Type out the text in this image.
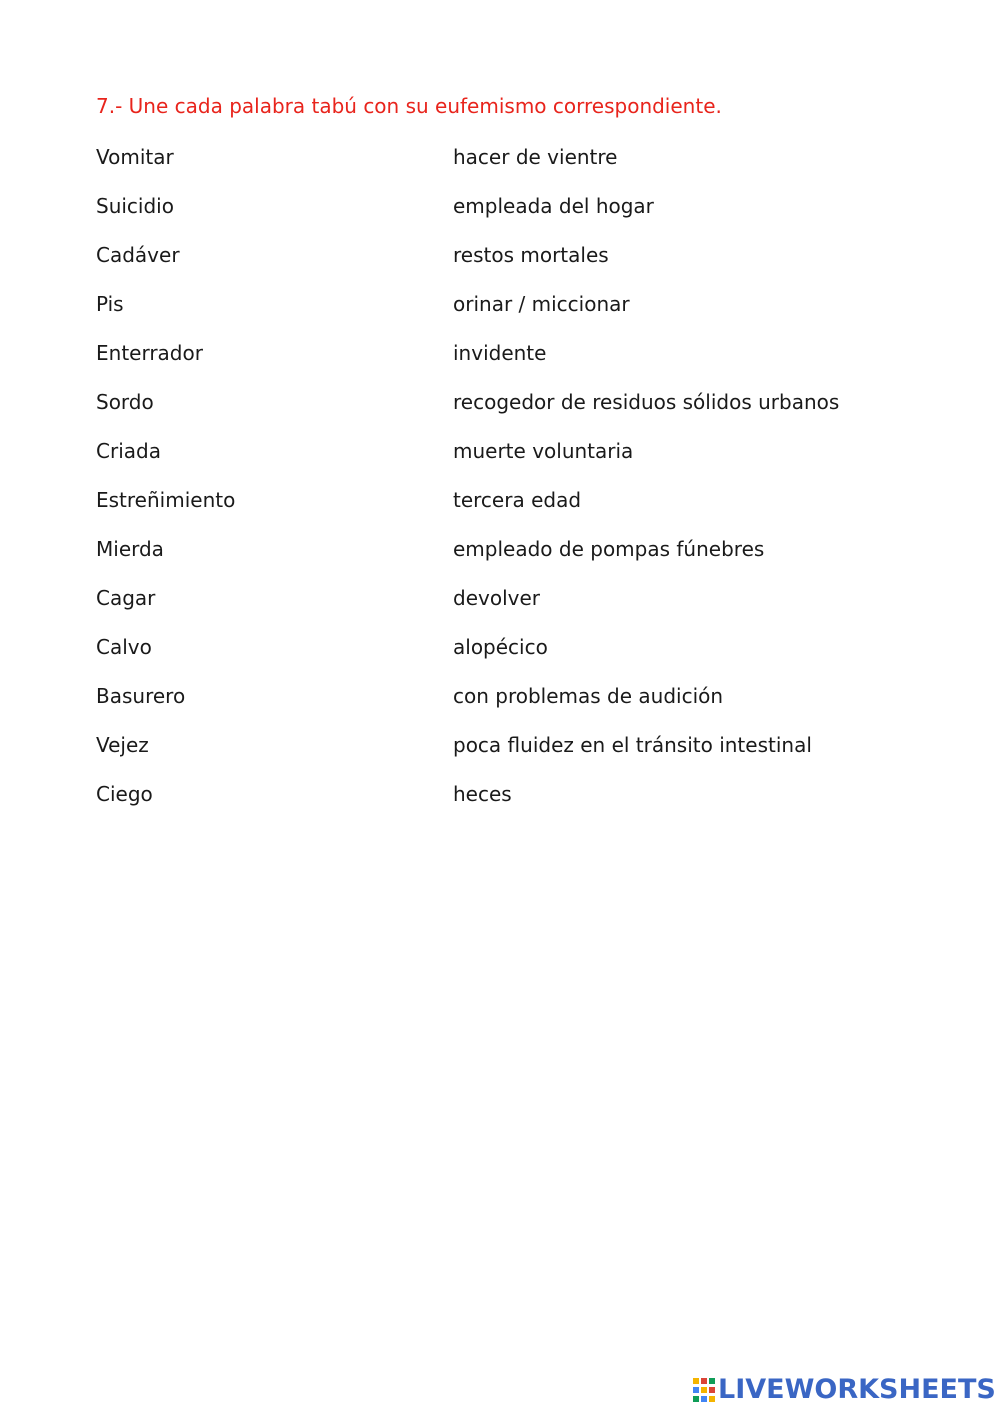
7.- Une cada palabra tabú con su eufemismo correspondiente.
Vomitar	hacer de vientre
Suicidio	empleada del hogar
Cadáver	restos mortales
Pis	orinar / miccionar
Enterrador	invidente
Sordo	recogedor de residuos sólidos urbanos
Criada	muerte voluntaria
Estreñimiento	tercera edad
Mierda	empleado de pompas fúnebres
Cagar	devolver
Calvo	alopécico
Basurero	con problemas de audición
Vejez	poca fluidez en el tránsito intestinal
Ciego	heces
LIVEWORKSHEETS
